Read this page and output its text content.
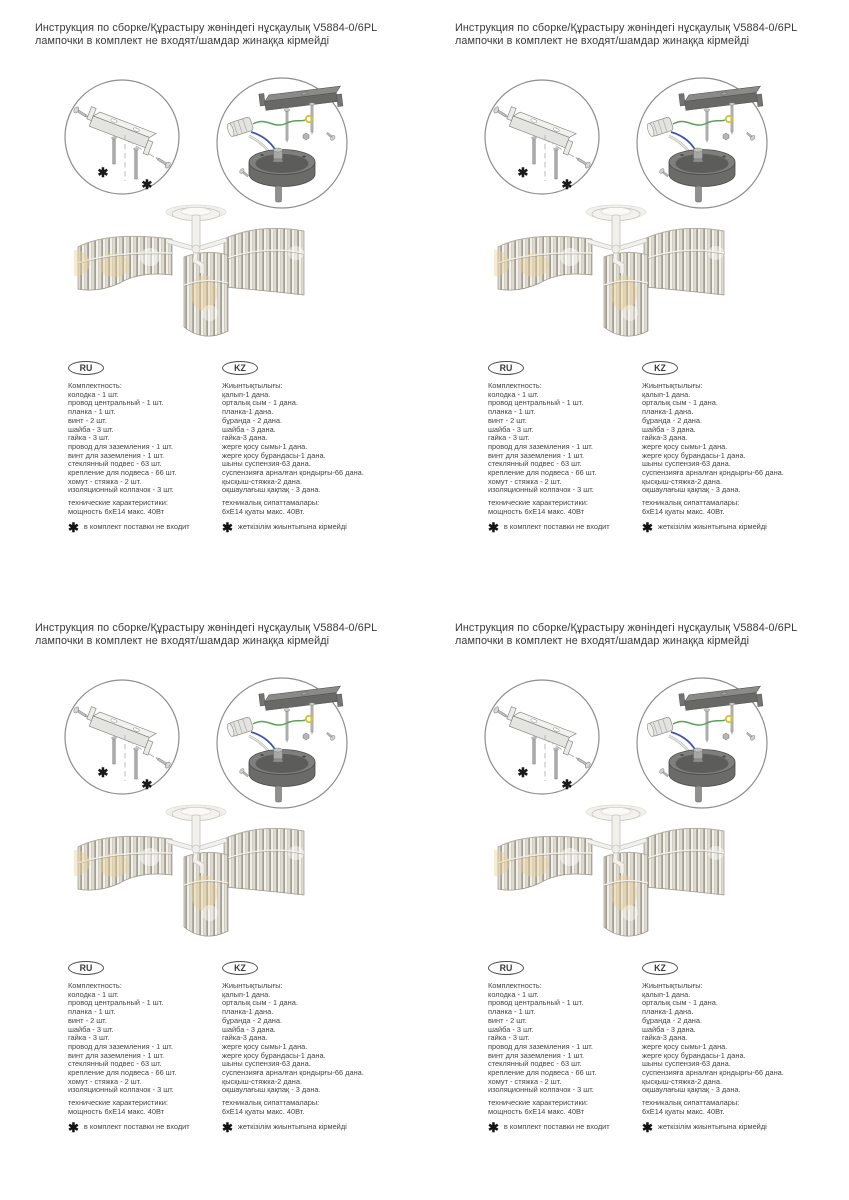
Инструкция по сборке/Құрастыру жөніндегі нұсқаулық V5884-0/6PL
лампочки в комплект не входят/шамдар жинаққа кірмейді
✱
✱
RU
Комплектность:
колодка - 1 шт.
провод центральный - 1 шт.
планка - 1 шт.
винт - 2 шт.
шайба - 3 шт.
гайка - 3 шт.
провод для заземления - 1 шт.
винт для заземления - 1 шт.
стеклянный подвес - 63 шт.
крепление для подвеса - 66 шт.
хомут - стяжка - 2 шт.
изоляционный колпачок - 3 шт.
технические характеристики:
мощность 6хЕ14 макс. 40Вт
✱ в комплект поставки не входит
KZ
Жиынтықтылығы:
қалып-1 дана.
орталық сым - 1 дана.
планка-1 дана.
бұранда - 2 дана.
шайба - 3 дана.
гайка-3 дана.
жерге қосу сымы-1 дана.
жерге қосу бұрандасы-1 дана.
шыны суспензия-63 дана.
суспензияға арналған қондырғы-66 дана.
қысқыш-стяжка-2 дана.
оқшаулағыш қақпақ - 3 дана.
техникалық сипаттамалары:
6хЕ14 қуаты макс. 40Вт.
✱ жеткізілім жиынтығына кірмейді
Инструкция по сборке/Құрастыру жөніндегі нұсқаулық V5884-0/6PL
лампочки в комплект не входят/шамдар жинаққа кірмейді
✱
✱
RU
Комплектность:
колодка - 1 шт.
провод центральный - 1 шт.
планка - 1 шт.
винт - 2 шт.
шайба - 3 шт.
гайка - 3 шт.
провод для заземления - 1 шт.
винт для заземления - 1 шт.
стеклянный подвес - 63 шт.
крепление для подвеса - 66 шт.
хомут - стяжка - 2 шт.
изоляционный колпачок - 3 шт.
технические характеристики:
мощность 6хЕ14 макс. 40Вт
✱ в комплект поставки не входит
KZ
Жиынтықтылығы:
қалып-1 дана.
орталық сым - 1 дана.
планка-1 дана.
бұранда - 2 дана.
шайба - 3 дана.
гайка-3 дана.
жерге қосу сымы-1 дана.
жерге қосу бұрандасы-1 дана.
шыны суспензия-63 дана.
суспензияға арналған қондырғы-66 дана.
қысқыш-стяжка-2 дана.
оқшаулағыш қақпақ - 3 дана.
техникалық сипаттамалары:
6хЕ14 қуаты макс. 40Вт.
✱ жеткізілім жиынтығына кірмейді
Инструкция по сборке/Құрастыру жөніндегі нұсқаулық V5884-0/6PL
лампочки в комплект не входят/шамдар жинаққа кірмейді
✱
✱
RU
Комплектность:
колодка - 1 шт.
провод центральный - 1 шт.
планка - 1 шт.
винт - 2 шт.
шайба - 3 шт.
гайка - 3 шт.
провод для заземления - 1 шт.
винт для заземления - 1 шт.
стеклянный подвес - 63 шт.
крепление для подвеса - 66 шт.
хомут - стяжка - 2 шт.
изоляционный колпачок - 3 шт.
технические характеристики:
мощность 6хЕ14 макс. 40Вт
✱ в комплект поставки не входит
KZ
Жиынтықтылығы:
қалып-1 дана.
орталық сым - 1 дана.
планка-1 дана.
бұранда - 2 дана.
шайба - 3 дана.
гайка-3 дана.
жерге қосу сымы-1 дана.
жерге қосу бұрандасы-1 дана.
шыны суспензия-63 дана.
суспензияға арналған қондырғы-66 дана.
қысқыш-стяжка-2 дана.
оқшаулағыш қақпақ - 3 дана.
техникалық сипаттамалары:
6хЕ14 қуаты макс. 40Вт.
✱ жеткізілім жиынтығына кірмейді
Инструкция по сборке/Құрастыру жөніндегі нұсқаулық V5884-0/6PL
лампочки в комплект не входят/шамдар жинаққа кірмейді
✱
✱
RU
Комплектность:
колодка - 1 шт.
провод центральный - 1 шт.
планка - 1 шт.
винт - 2 шт.
шайба - 3 шт.
гайка - 3 шт.
провод для заземления - 1 шт.
винт для заземления - 1 шт.
стеклянный подвес - 63 шт.
крепление для подвеса - 66 шт.
хомут - стяжка - 2 шт.
изоляционный колпачок - 3 шт.
технические характеристики:
мощность 6хЕ14 макс. 40Вт
✱ в комплект поставки не входит
KZ
Жиынтықтылығы:
қалып-1 дана.
орталық сым - 1 дана.
планка-1 дана.
бұранда - 2 дана.
шайба - 3 дана.
гайка-3 дана.
жерге қосу сымы-1 дана.
жерге қосу бұрандасы-1 дана.
шыны суспензия-63 дана.
суспензияға арналған қондырғы-66 дана.
қысқыш-стяжка-2 дана.
оқшаулағыш қақпақ - 3 дана.
техникалық сипаттамалары:
6хЕ14 қуаты макс. 40Вт.
✱ жеткізілім жиынтығына кірмейді
